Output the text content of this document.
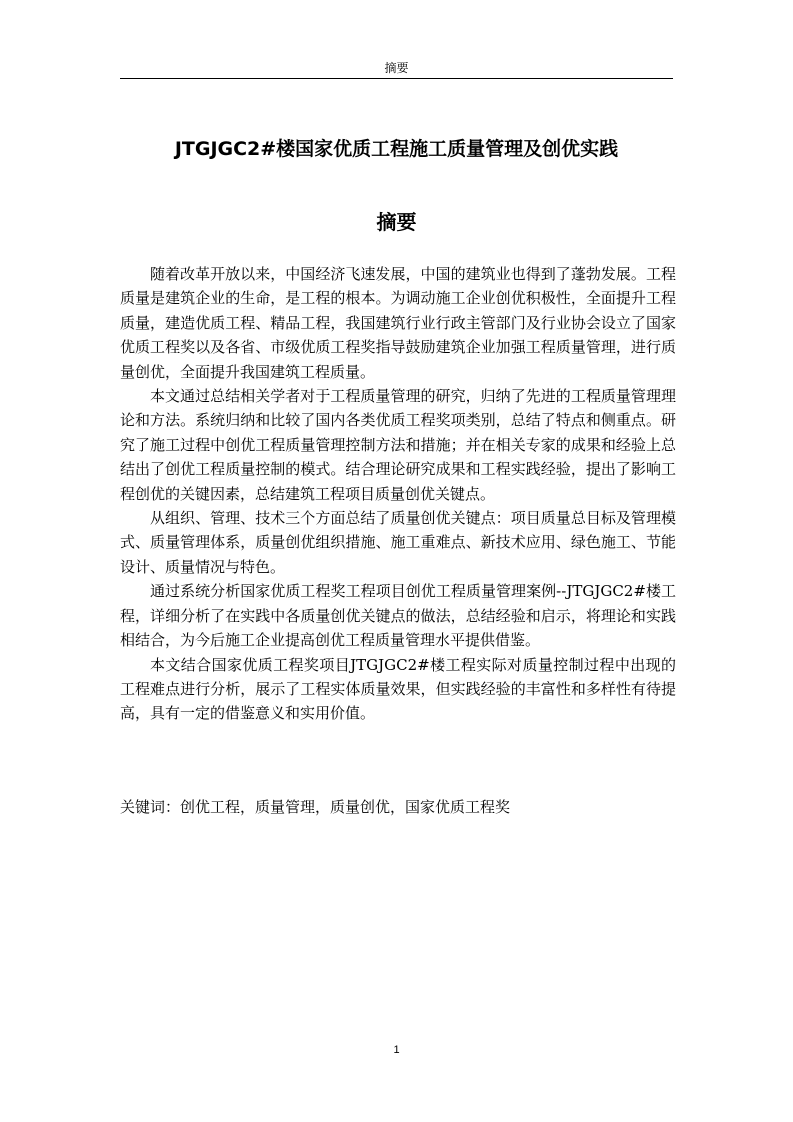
摘要
JTGJGC2#楼国家优质工程施工质量管理及创优实践
摘要

随着改革开放以来，中国经济飞速发展，中国的建筑业也得到了蓬勃发展。工程质量是建筑企业的生命，是工程的根本。为调动施工企业创优积极性，全面提升工程质量，建造优质工程、精品工程，我国建筑行业行政主管部门及行业协会设立了国家优质工程奖以及各省、市级优质工程奖指导鼓励建筑企业加强工程质量管理，进行质量创优，全面提升我国建筑工程质量。

本文通过总结相关学者对于工程质量管理的研究，归纳了先进的工程质量管理理论和方法。系统归纳和比较了国内各类优质工程奖项类别，总结了特点和侧重点。研究了施工过程中创优工程质量管理控制方法和措施；并在相关专家的成果和经验上总结出了创优工程质量控制的模式。结合理论研究成果和工程实践经验，提出了影响工程创优的关键因素，总结建筑工程项目质量创优关键点。

从组织、管理、技术三个方面总结了质量创优关键点：项目质量总目标及管理模式、质量管理体系，质量创优组织措施、施工重难点、新技术应用、绿色施工、节能设计、质量情况与特色。

通过系统分析国家优质工程奖工程项目创优工程质量管理案例--JTGJGC2#楼工程，详细分析了在实践中各质量创优关键点的做法，总结经验和启示，将理论和实践相结合，为今后施工企业提高创优工程质量管理水平提供借鉴。

本文结合国家优质工程奖项目JTGJGC2#楼工程实际对质量控制过程中出现的工程难点进行分析，展示了工程实体质量效果，但实践经验的丰富性和多样性有待提高，具有一定的借鉴意义和实用价值。

关键词：创优工程，质量管理，质量创优，国家优质工程奖
1
